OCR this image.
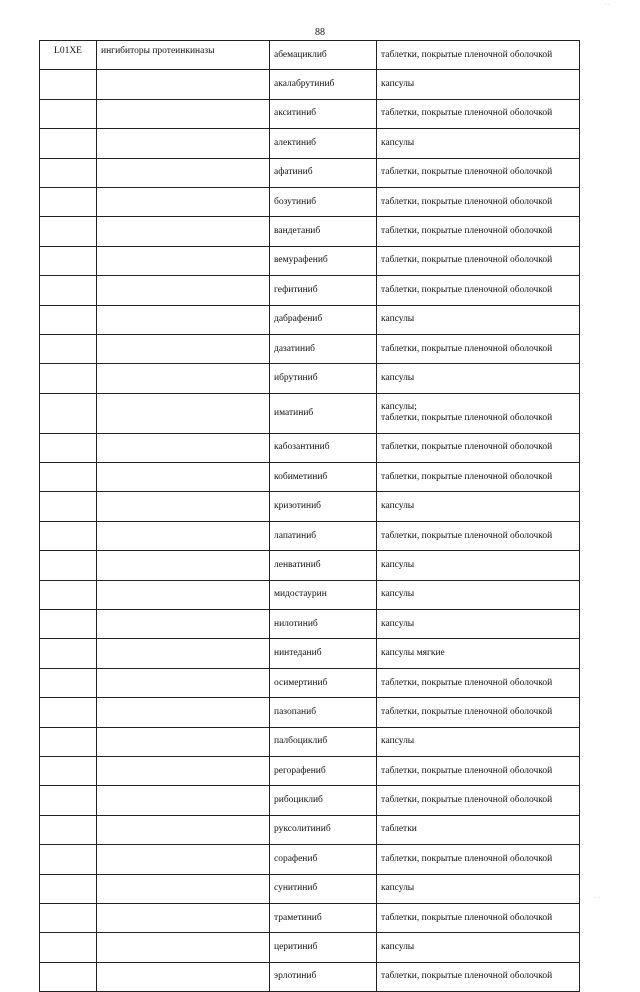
88
L01XE	ингибиторы протеинкиназы	абемациклиб	таблетки, покрытые пленочной оболочкой

		акалабрутиниб	капсулы

		акситиниб	таблетки, покрытые пленочной оболочкой

		алектиниб	капсулы

		афатиниб	таблетки, покрытые пленочной оболочкой

		бозутиниб	таблетки, покрытые пленочной оболочкой

		вандетаниб	таблетки, покрытые пленочной оболочкой

		вемурафениб	таблетки, покрытые пленочной оболочкой

		гефитиниб	таблетки, покрытые пленочной оболочкой

		дабрафениб	капсулы

		дазатиниб	таблетки, покрытые пленочной оболочкой

		ибрутиниб	капсулы

		иматиниб	капсулы;
таблетки, покрытые пленочной оболочкой

		кабозантиниб	таблетки, покрытые пленочной оболочкой

		кобиметиниб	таблетки, покрытые пленочной оболочкой

		кризотиниб	капсулы

		лапатиниб	таблетки, покрытые пленочной оболочкой

		ленватиниб	капсулы

		мидостаурин	капсулы

		нилотиниб	капсулы

		нинтеданиб	капсулы мягкие

		осимертиниб	таблетки, покрытые пленочной оболочкой

		пазопаниб	таблетки, покрытые пленочной оболочкой

		палбоциклиб	капсулы

		регорафениб	таблетки, покрытые пленочной оболочкой

		рибоциклиб	таблетки, покрытые пленочной оболочкой

		руксолитиниб	таблетки

		сорафениб	таблетки, покрытые пленочной оболочкой

		сунитиниб	капсулы

		траметиниб	таблетки, покрытые пленочной оболочкой

		церитиниб	капсулы

		эрлотиниб	таблетки, покрытые пленочной оболочкой
· ·
· ·
